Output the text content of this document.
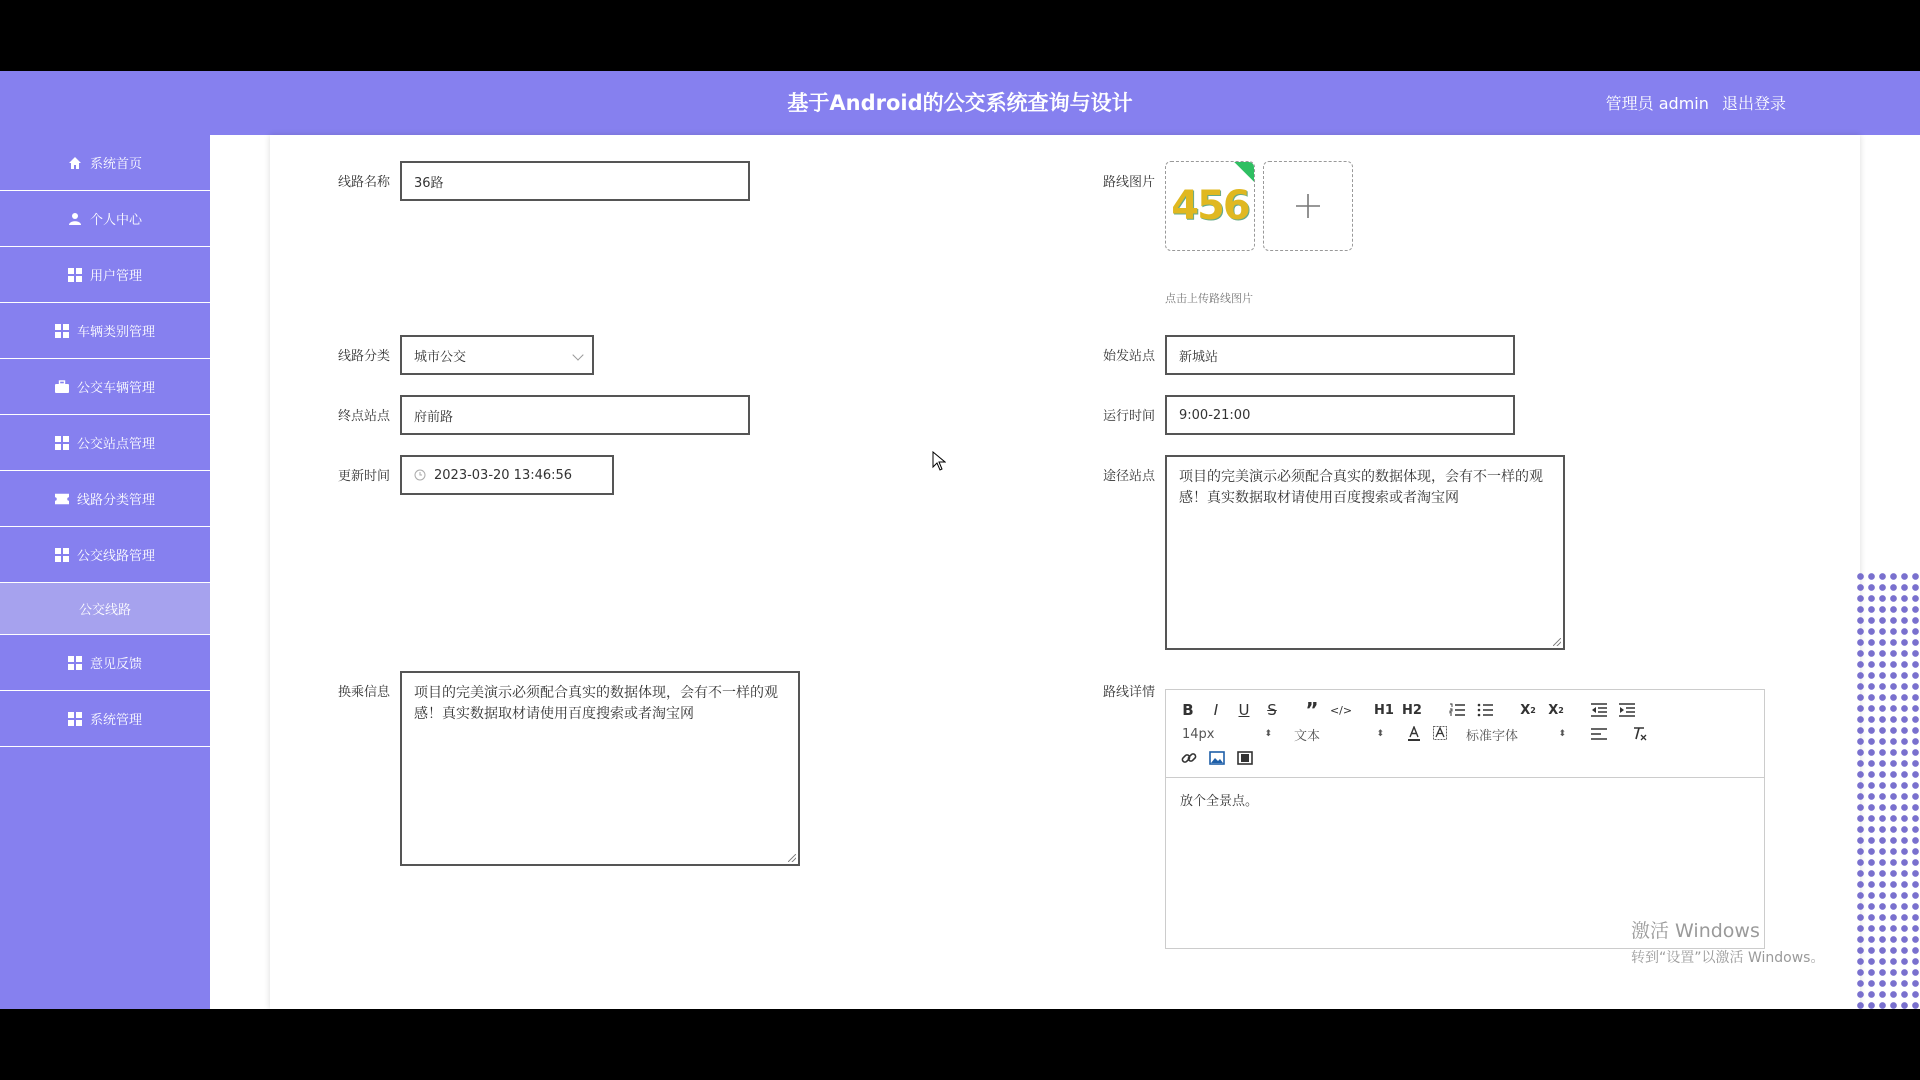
基于Android的公交系统查询与设计	管理员 admin 退出登录
系统首页
个人中心
用户管理
车辆类别管理
公交车辆管理
公交站点管理
线路分类管理
公交线路管理
公交线路
意见反馈
系统管理
线路名称	36路
线路分类 城市公交
终点站点	府前路
更新时间	2023-03-20 13:46:56
换乘信息	项目的完美演示必须配合真实的数据体现，会有不一样的观感！真实数据取材请使用百度搜索或者淘宝网
路线图片
456
点击上传路线图片
始发站点	新城站
运行时间	9:00-21:00
途径站点	项目的完美演示必须配合真实的数据体现，会有不一样的观感！真实数据取材请使用百度搜索或者淘宝网
路线详情
B	I	U S ” </> H1 H2	X 2 X 2
14px	⬍ 文本	⬍	标准字体	⬍
放个全景点。
激活 Windows
转到“设置”以激活 Windows。
